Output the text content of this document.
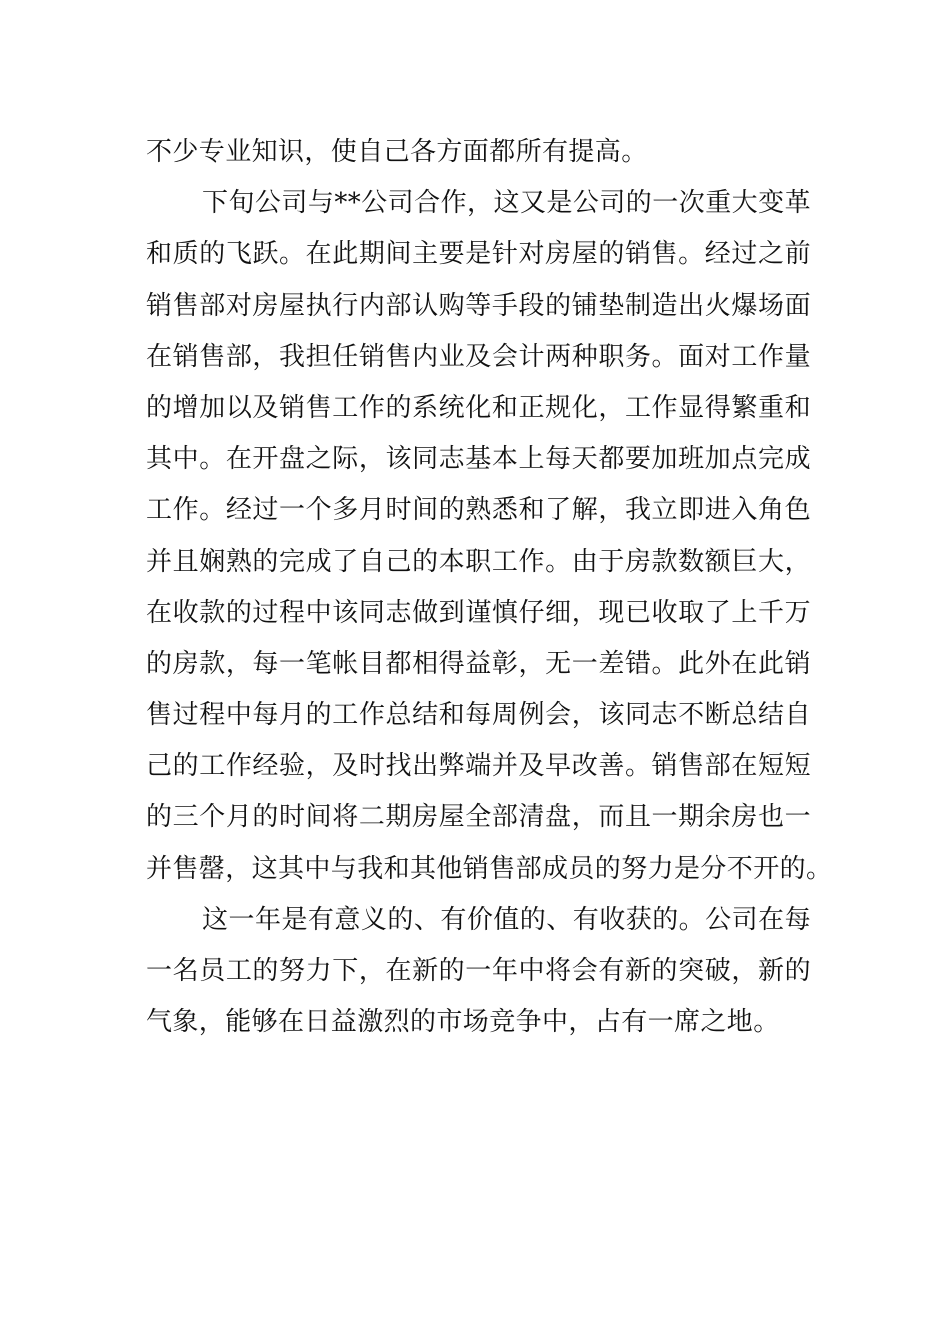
不少专业知识，使自己各方面都所有提高。
下旬公司与**公司合作，这又是公司的一次重大变革
和质的飞跃。在此期间主要是针对房屋的销售。经过之前
销售部对房屋执行内部认购等手段的铺垫制造出火爆场面
在销售部，我担任销售内业及会计两种职务。面对工作量
的增加以及销售工作的系统化和正规化，工作显得繁重和
其中。在开盘之际，该同志基本上每天都要加班加点完成
工作。经过一个多月时间的熟悉和了解，我立即进入角色
并且娴熟的完成了自己的本职工作。由于房款数额巨大，
在收款的过程中该同志做到谨慎仔细，现已收取了上千万
的房款，每一笔帐目都相得益彰，无一差错。此外在此销
售过程中每月的工作总结和每周例会，该同志不断总结自
己的工作经验，及时找出弊端并及早改善。销售部在短短
的三个月的时间将二期房屋全部清盘，而且一期余房也一
并售罄，这其中与我和其他销售部成员的努力是分不开的。
这一年是有意义的、有价值的、有收获的。公司在每
一名员工的努力下，在新的一年中将会有新的突破，新的
气象，能够在日益激烈的市场竞争中，占有一席之地。
